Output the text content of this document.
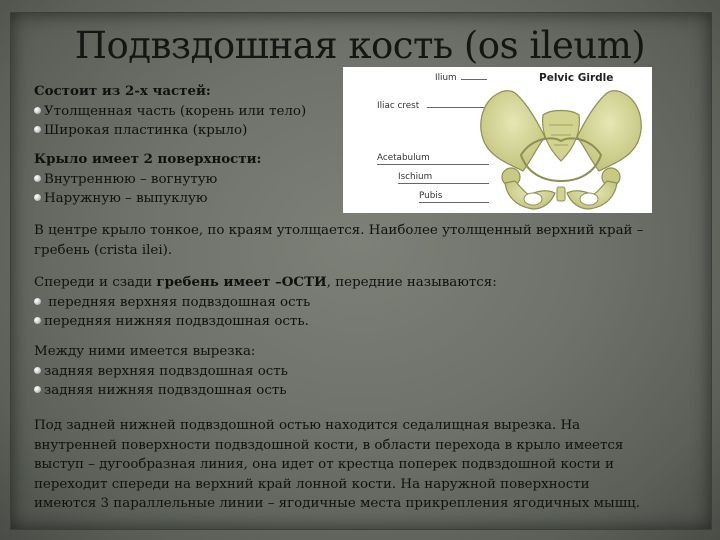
Подвздошная кость (os ileum)
Pelvic Girdle
Ilium
Iliac crest
Acetabulum
Ischium
Pubis
Состоит из 2-х частей:
Утолщенная часть (корень или тело)
Широкая пластинка (крыло)
Крыло имеет 2 поверхности:
Внутреннюю – вогнутую
Наружную – выпуклую
В центре крыло тонкое, по краям утолщается. Наиболее утолщенный верхний край –
гребень (crista ilei).
Спереди и сзади гребень имеет –ОСТИ, передние называются:
передняя верхняя подвздошная ость
передняя нижняя подвздошная ость.
Между ними имеется вырезка:
задняя верхняя подвздошная ость
задняя нижняя подвздошная ость
Под задней нижней подвздошной остью находится седалищная вырезка. На
внутренней поверхности подвздошной кости, в области перехода в крыло имеется
выступ – дугообразная линия, она идет от крестца поперек подвздошной кости и
переходит спереди на верхний край лонной кости. На наружной поверхности
имеются 3 параллельные линии – ягодичные места прикрепления ягодичных мышц.
